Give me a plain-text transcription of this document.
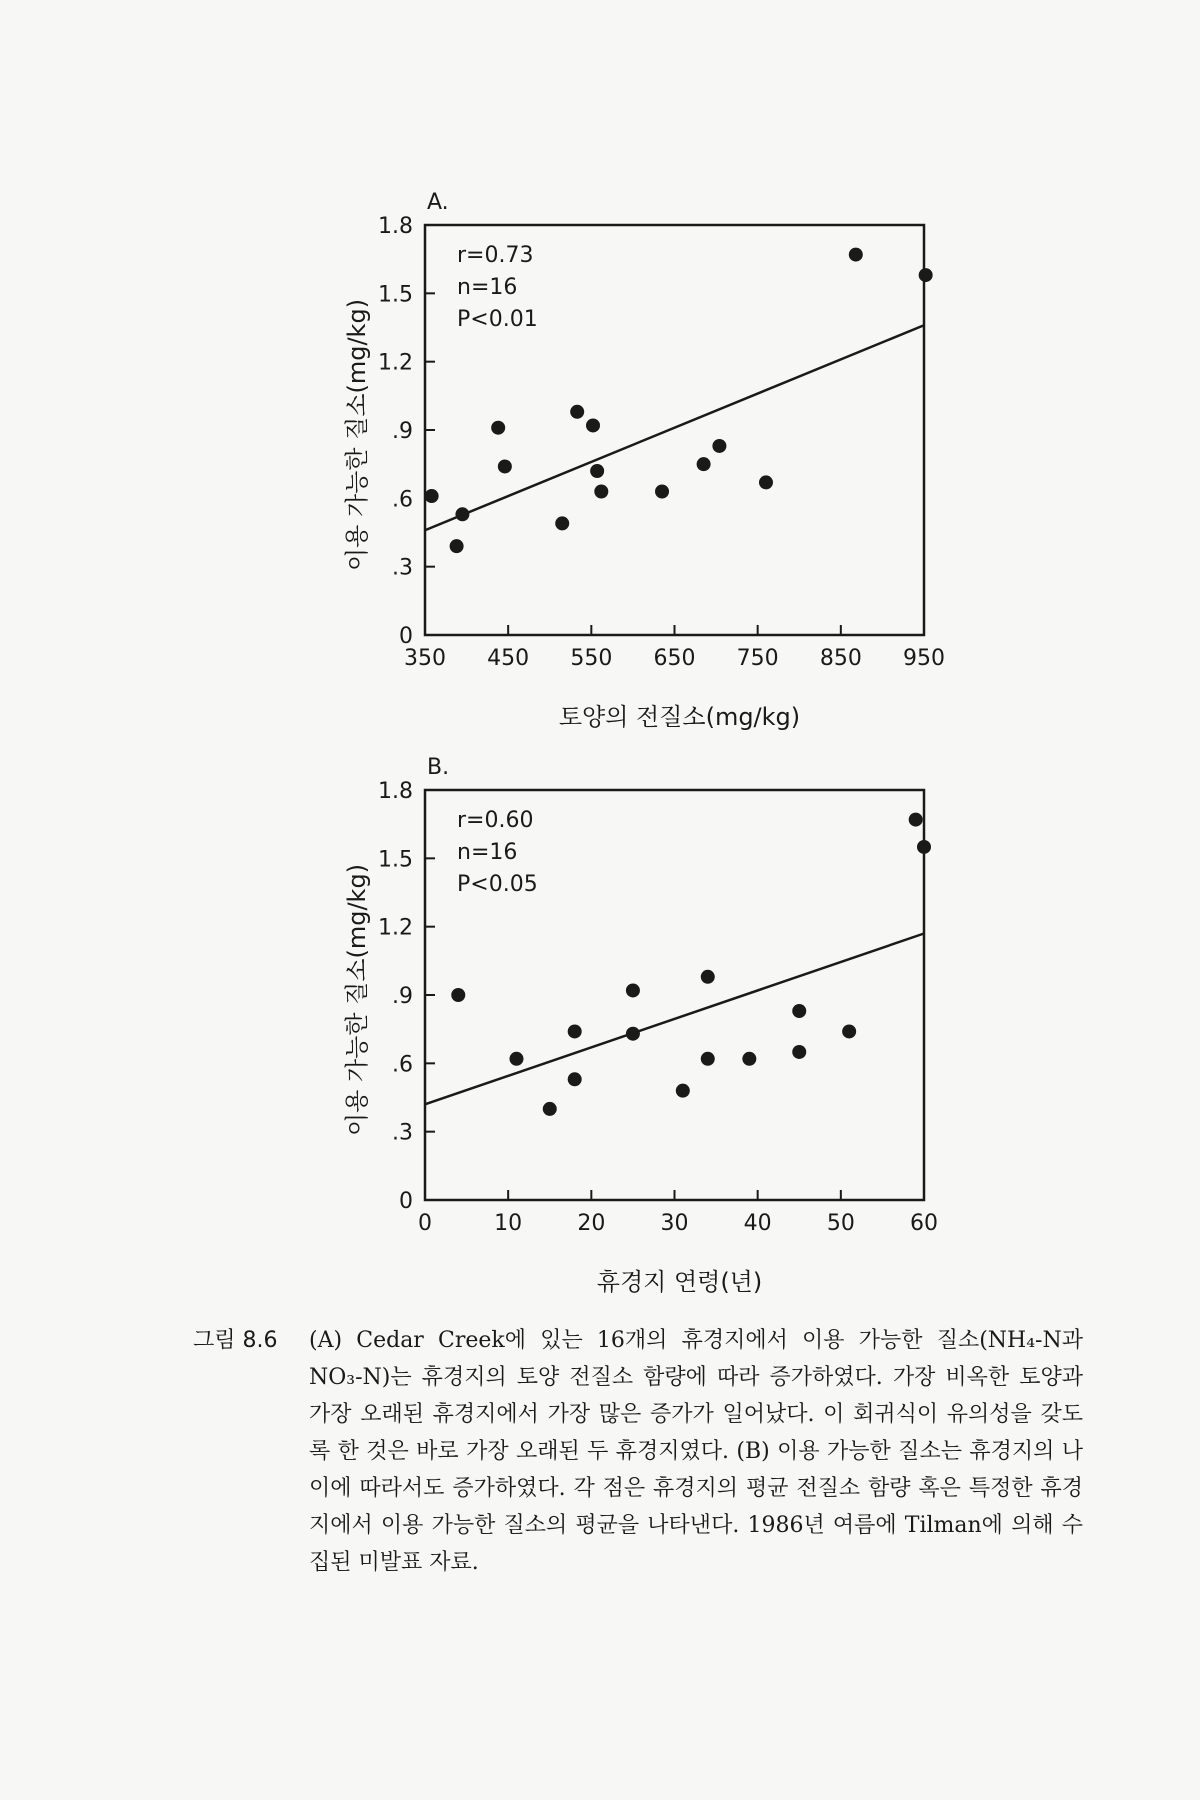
A.
0
.3
.6
.9
1.2
1.5
1.8
350 450 550 650 750 850 950
토양의 전질소(mg/kg)
이용 가능한 질소(mg/kg)
r=0.73
n=16
P<0.01
B.
0
.3
.6
.9
1.2
1.5
1.8
0	10	20	30	40	50	60
휴경지 연령(년)
이용 가능한 질소(mg/kg)
r=0.60
n=16
P<0.05
그림 8.6	(A) Cedar Creek에 있는 16개의 휴경지에서 이용 가능한 질소(NH₄-N과 NO₃-N)는 휴경지의 토양 전질소 함량에 따라 증가하였다. 가장 비옥한 토양과 가장 오래된 휴경지에서 가장 많은 증가가 일어났다. 이 회귀식이 유의성을 갖도록 한 것은 바로 가장 오래된 두 휴경지였다. (B) 이용 가능한 질소는 휴경지의 나이에 따라서도 증가하였다. 각 점은 휴경지의 평균 전질소 함량 혹은 특정한 휴경지에서 이용 가능한 질소의 평균을 나타낸다. 1986년 여름에 Tilman에 의해 수집된 미발표 자료.
